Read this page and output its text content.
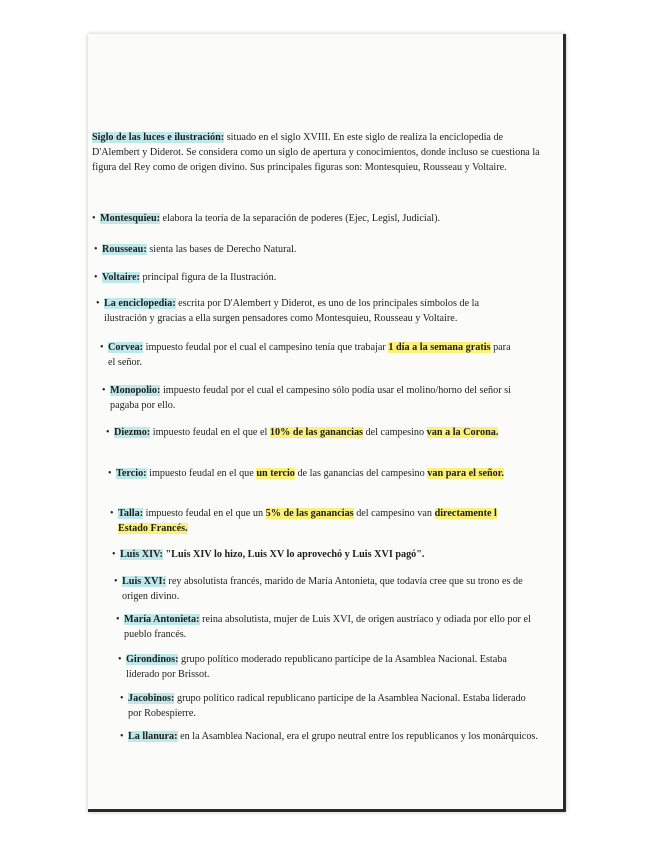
Siglo de las luces e ilustración: situado en el siglo XVIII. En este siglo de realiza la enciclopedia de D'Alembert y Diderot. Se considera como un siglo de apertura y conocimientos, donde incluso se cuestiona la figura del Rey como de origen divino. Sus principales figuras son: Montesquieu, Rousseau y Voltaire.

• Montesquieu: elabora la teoría de la separación de poderes (Ejec, Legisl, Judicial).
• Rousseau: sienta las bases de Derecho Natural.
• Voltaire: principal figura de la Ilustración.
• La enciclopedia: escrita por D'Alembert y Diderot, es uno de los principales símbolos de la ilustración y gracias a ella surgen pensadores como Montesquieu, Rousseau y Voltaire.
• Corvea: impuesto feudal por el cual el campesino tenía que trabajar 1 día a la semana gratis para el señor.
• Monopolio: impuesto feudal por el cual el campesino sólo podía usar el molino/horno del señor si pagaba por ello.
• Diezmo: impuesto feudal en el que el 10% de las ganancias del campesino van a la Corona.
• Tercio: impuesto feudal en el que un tercio de las ganancias del campesino van para el señor.
• Talla: impuesto feudal en el que un 5% de las ganancias del campesino van directamente l Estado Francés.
• Luis XIV: "Luis XIV lo hizo, Luis XV lo aprovechó y Luis XVI pagó".
• Luis XVI: rey absolutista francés, marido de María Antonieta, que todavía cree que su trono es de origen divino.
• María Antonieta: reina absolutista, mujer de Luis XVI, de origen austríaco y odiada por ello por el pueblo francés.
• Girondinos: grupo político moderado republicano partícipe de la Asamblea Nacional. Estaba liderado por Brissot.
• Jacobinos: grupo político radical republicano partícipe de la Asamblea Nacional. Estaba liderado por Robespierre.
• La llanura: en la Asamblea Nacional, era el grupo neutral entre los republicanos y los monárquicos.
